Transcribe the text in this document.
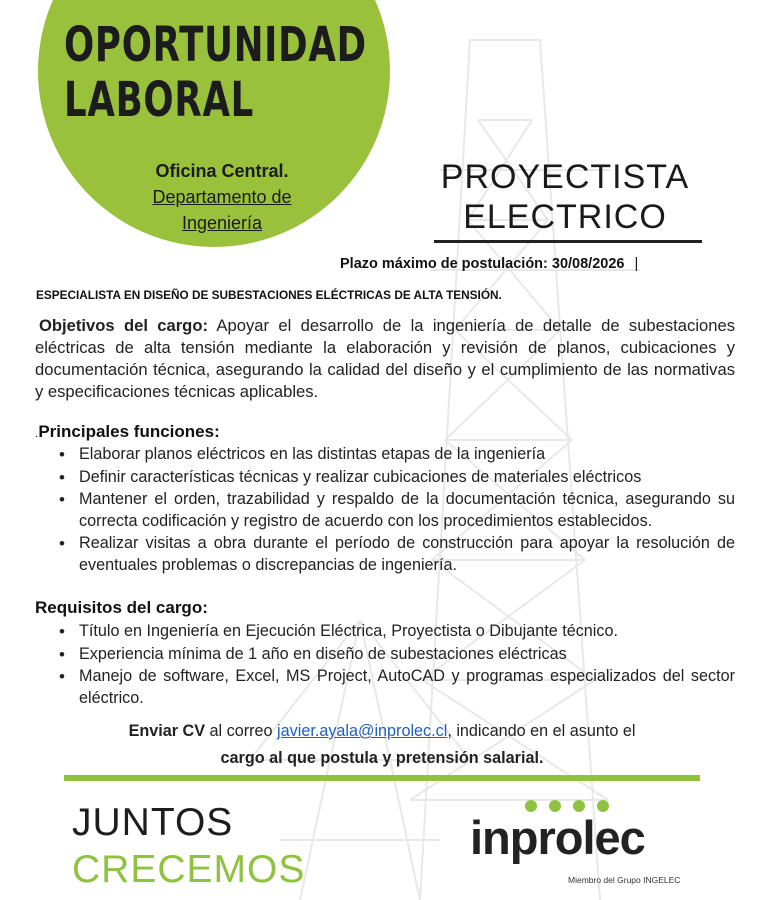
OPORTUNIDAD
LABORAL
Oficina Central.
Departamento de
Ingeniería
PROYECTISTA
ELECTRICO
Plazo máximo de postulación: 30/08/2026 |
ESPECIALISTA EN DISEÑO DE SUBESTACIONES ELÉCTRICAS DE ALTA TENSIÓN.

Objetivos del cargo: Apoyar el desarrollo de la ingeniería de detalle de subestaciones eléctricas de alta tensión mediante la elaboración y revisión de planos, cubicaciones y documentación técnica, asegurando la calidad del diseño y el cumplimiento de las normativas y especificaciones técnicas aplicables.

.Principales funciones:
• Elaborar planos eléctricos en las distintas etapas de la ingeniería
• Definir características técnicas y realizar cubicaciones de materiales eléctricos
• Mantener el orden, trazabilidad y respaldo de la documentación técnica, asegurando su correcta codificación y registro de acuerdo con los procedimientos establecidos.
• Realizar visitas a obra durante el período de construcción para apoyar la resolución de eventuales problemas o discrepancias de ingeniería.
Requisitos del cargo:
• Título en Ingeniería en Ejecución Eléctrica, Proyectista o Dibujante técnico.
• Experiencia mínima de 1 año en diseño de subestaciones eléctricas
• Manejo de software, Excel, MS Project, AutoCAD y programas especializados del sector eléctrico.
Enviar CV al correo javier.ayala@inprolec.cl, indicando en el asunto el
cargo al que postula y pretensión salarial.
JUNTOS
CRECEMOS
inprolec
Miembro del Grupo INGELEC
